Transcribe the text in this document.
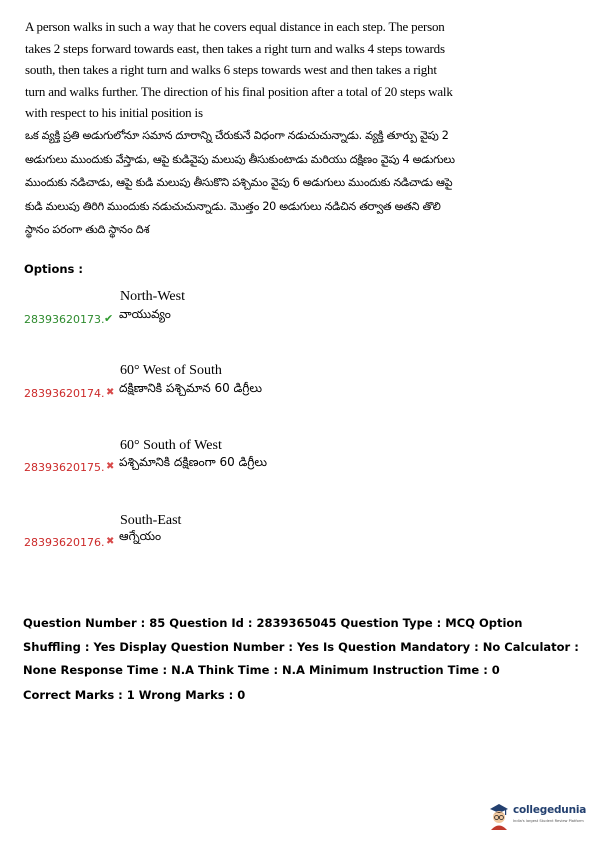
A person walks in such a way that he covers equal distance in each step. The person takes 2 steps forward towards east, then takes a right turn and walks 4 steps towards south, then takes a right turn and walks 6 steps towards west and then takes a right turn and walks further. The direction of his final position after a total of 20 steps walk with respect to his initial position is
ఒక వ్యక్తి ప్రతి అడుగులోనూ సమాన దూరాన్ని చేరుకునే విధంగా నడుచుచున్నాడు. వ్యక్తి తూర్పు వైపు 2 అడుగులు ముందుకు వేస్తాడు, ఆపై కుడివైపు మలుపు తీసుకుంటాడు మరియు దక్షిణం వైపు 4 అడుగులు ముందుకు నడిచాడు, ఆపై కుడి మలుపు తీసుకొని పశ్చిమం వైపు 6 అడుగులు ముందుకు నడిచాడు ఆపై కుడి మలుపు తిరిగి ముందుకు నడుచుచున్నాడు. మొత్తం 20 అడుగులు నడిచిన తర్వాత అతని తొలి స్థానం పరంగా తుది స్థానం దిశ
Options :
North-West
28393620173. ✔ వాయువ్యం
60° West of South
28393620174. ✖ దక్షిణానికి పశ్చిమాన 60 డిగ్రీలు
60° South of West
28393620175. ✖ పశ్చిమానికి దక్షిణంగా 60 డిగ్రీలు
South-East
28393620176. ✖ ఆగ్నేయం
Question Number : 85 Question Id : 2839365045 Question Type : MCQ Option Shuffling : Yes Display Question Number : Yes Is Question Mandatory : No Calculator : None Response Time : N.A Think Time : N.A Minimum Instruction Time : 0
Correct Marks : 1 Wrong Marks : 0
collegedunia
India's largest Student Review Platform
